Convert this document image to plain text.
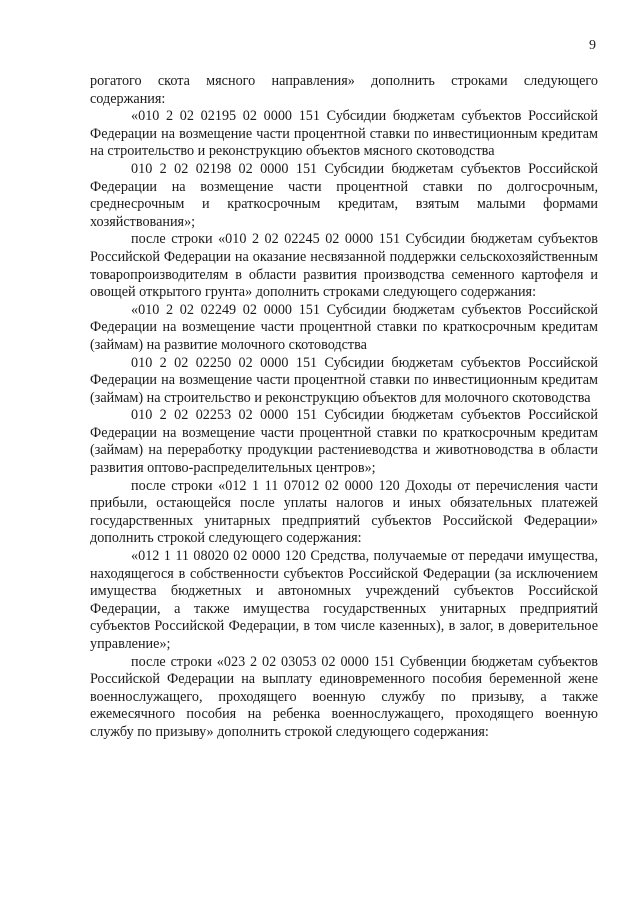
9

рогатого скота мясного направления» дополнить строками следующего содержания:

«010 2 02 02195 02 0000 151 Субсидии бюджетам субъектов Российской Федерации на возмещение части процентной ставки по инвестиционным кредитам на строительство и реконструкцию объектов мясного скотоводства

010 2 02 02198 02 0000 151 Субсидии бюджетам субъектов Российской Федерации на возмещение части процентной ставки по долгосрочным, среднесрочным и краткосрочным кредитам, взятым малыми формами хозяйствования»;

после строки «010 2 02 02245 02 0000 151 Субсидии бюджетам субъектов Российской Федерации на оказание несвязанной поддержки сельскохозяйственным товаропроизводителям в области развития производства семенного картофеля и овощей открытого грунта» дополнить строками следующего содержания:

«010 2 02 02249 02 0000 151 Субсидии бюджетам субъектов Российской Федерации на возмещение части процентной ставки по краткосрочным кредитам (займам) на развитие молочного скотоводства

010 2 02 02250 02 0000 151 Субсидии бюджетам субъектов Российской Федерации на возмещение части процентной ставки по инвестиционным кредитам (займам) на строительство и реконструкцию объектов для молочного скотоводства

010 2 02 02253 02 0000 151 Субсидии бюджетам субъектов Российской Федерации на возмещение части процентной ставки по краткосрочным кредитам (займам) на переработку продукции растениеводства и животноводства в области развития оптово-распределительных центров»;

после строки «012 1 11 07012 02 0000 120 Доходы от перечисления части прибыли, остающейся после уплаты налогов и иных обязательных платежей государственных унитарных предприятий субъектов Российской Федерации» дополнить строкой следующего содержания:

«012 1 11 08020 02 0000 120 Средства, получаемые от передачи имущества, находящегося в собственности субъектов Российской Федерации (за исключением имущества бюджетных и автономных учреждений субъектов Российской Федерации, а также имущества государственных унитарных предприятий субъектов Российской Федерации, в том числе казенных), в залог, в доверительное управление»;

после строки «023 2 02 03053 02 0000 151 Субвенции бюджетам субъектов Российской Федерации на выплату единовременного пособия беременной жене военнослужащего, проходящего военную службу по призыву, а также ежемесячного пособия на ребенка военнослужащего, проходящего военную службу по призыву» дополнить строкой следующего содержания:
